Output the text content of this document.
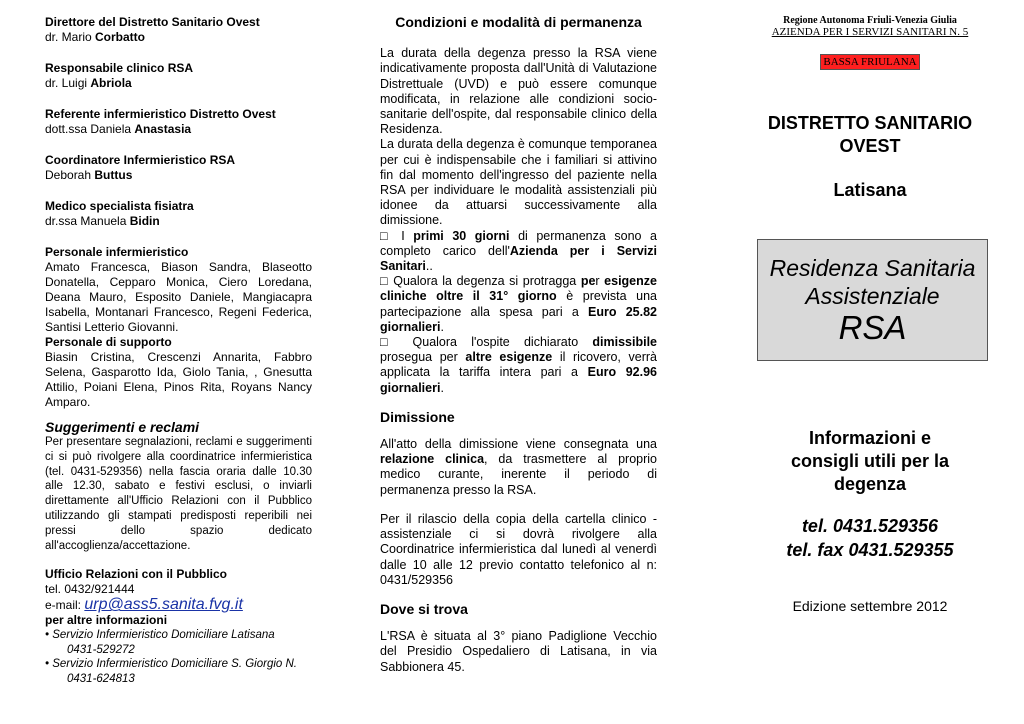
Direttore del Distretto Sanitario Ovest
dr. Mario Corbatto
Responsabile clinico RSA
dr. Luigi Abriola
Referente infermieristico Distretto Ovest
dott.ssa Daniela Anastasia
Coordinatore Infermieristico RSA
Deborah Buttus
Medico specialista fisiatra
dr.ssa Manuela Bidin
Personale infermieristico
Amato Francesca, Biason Sandra, Blaseotto Donatella, Cepparo Monica, Ciero Loredana, Deana Mauro, Esposito Daniele, Mangiacapra Isabella, Montanari Francesco, Regeni Federica, Santisi Letterio Giovanni.
Personale di supporto
Biasin Cristina, Crescenzi Annarita, Fabbro Selena, Gasparotto Ida, Giolo Tania, , Gnesutta Attilio, Poiani Elena, Pinos Rita, Royans Nancy Amparo.
Suggerimenti e reclami
Per presentare segnalazioni, reclami e suggerimenti ci si può rivolgere alla coordinatrice infermieristica (tel. 0431-529356) nella fascia oraria dalle 10.30 alle 12.30, sabato e festivi esclusi, o inviarli direttamente all'Ufficio Relazioni con il Pubblico utilizzando gli stampati predisposti reperibili nei pressi dello spazio dedicato all'accoglienza/accettazione.
Ufficio Relazioni con il Pubblico
tel. 0432/921444
e-mail: urp@ass5.sanita.fvg.it
per altre informazioni
• Servizio Infermieristico Domiciliare Latisana
0431-529272
• Servizio Infermieristico Domiciliare S. Giorgio N.
0431-624813
Condizioni e modalità di permanenza
La durata della degenza presso la RSA viene indicativamente proposta dall'Unità di Valutazione Distrettuale (UVD) e può essere comunque modificata, in relazione alle condizioni socio-sanitarie dell'ospite, dal responsabile clinico della Residenza.
La durata della degenza è comunque temporanea per cui è indispensabile che i familiari si attivino fin dal momento dell'ingresso del paziente nella RSA per individuare le modalità assistenziali più idonee da attuarsi successivamente alla dimissione.
□ I primi 30 giorni di permanenza sono a completo carico dell'Azienda per i Servizi Sanitari..
□ Qualora la degenza si protragga per esigenze cliniche oltre il 31° giorno è prevista una partecipazione alla spesa pari a Euro 25.82 giornalieri.
□ Qualora l'ospite dichiarato dimissibile prosegua per altre esigenze il ricovero, verrà applicata la tariffa intera pari a Euro 92.96 giornalieri.
Dimissione
All'atto della dimissione viene consegnata una relazione clinica, da trasmettere al proprio medico curante, inerente il periodo di permanenza presso la RSA.
Per il rilascio della copia della cartella clinico - assistenziale ci si dovrà rivolgere alla Coordinatrice infermieristica dal lunedì al venerdì dalle 10 alle 12 previo contatto telefonico al n: 0431/529356
Dove si trova
L'RSA è situata al 3° piano Padiglione Vecchio del Presidio Ospedaliero di Latisana, in via Sabbionera 45.
Regione Autonoma Friuli-Venezia Giulia
AZIENDA PER I SERVIZI SANITARI N. 5
BASSA FRIULANA
DISTRETTO SANITARIO
OVEST
Latisana
Residenza Sanitaria
Assistenziale
RSA
Informazioni e
consigli utili per la
degenza
tel. 0431.529356
tel. fax 0431.529355
Edizione settembre 2012
